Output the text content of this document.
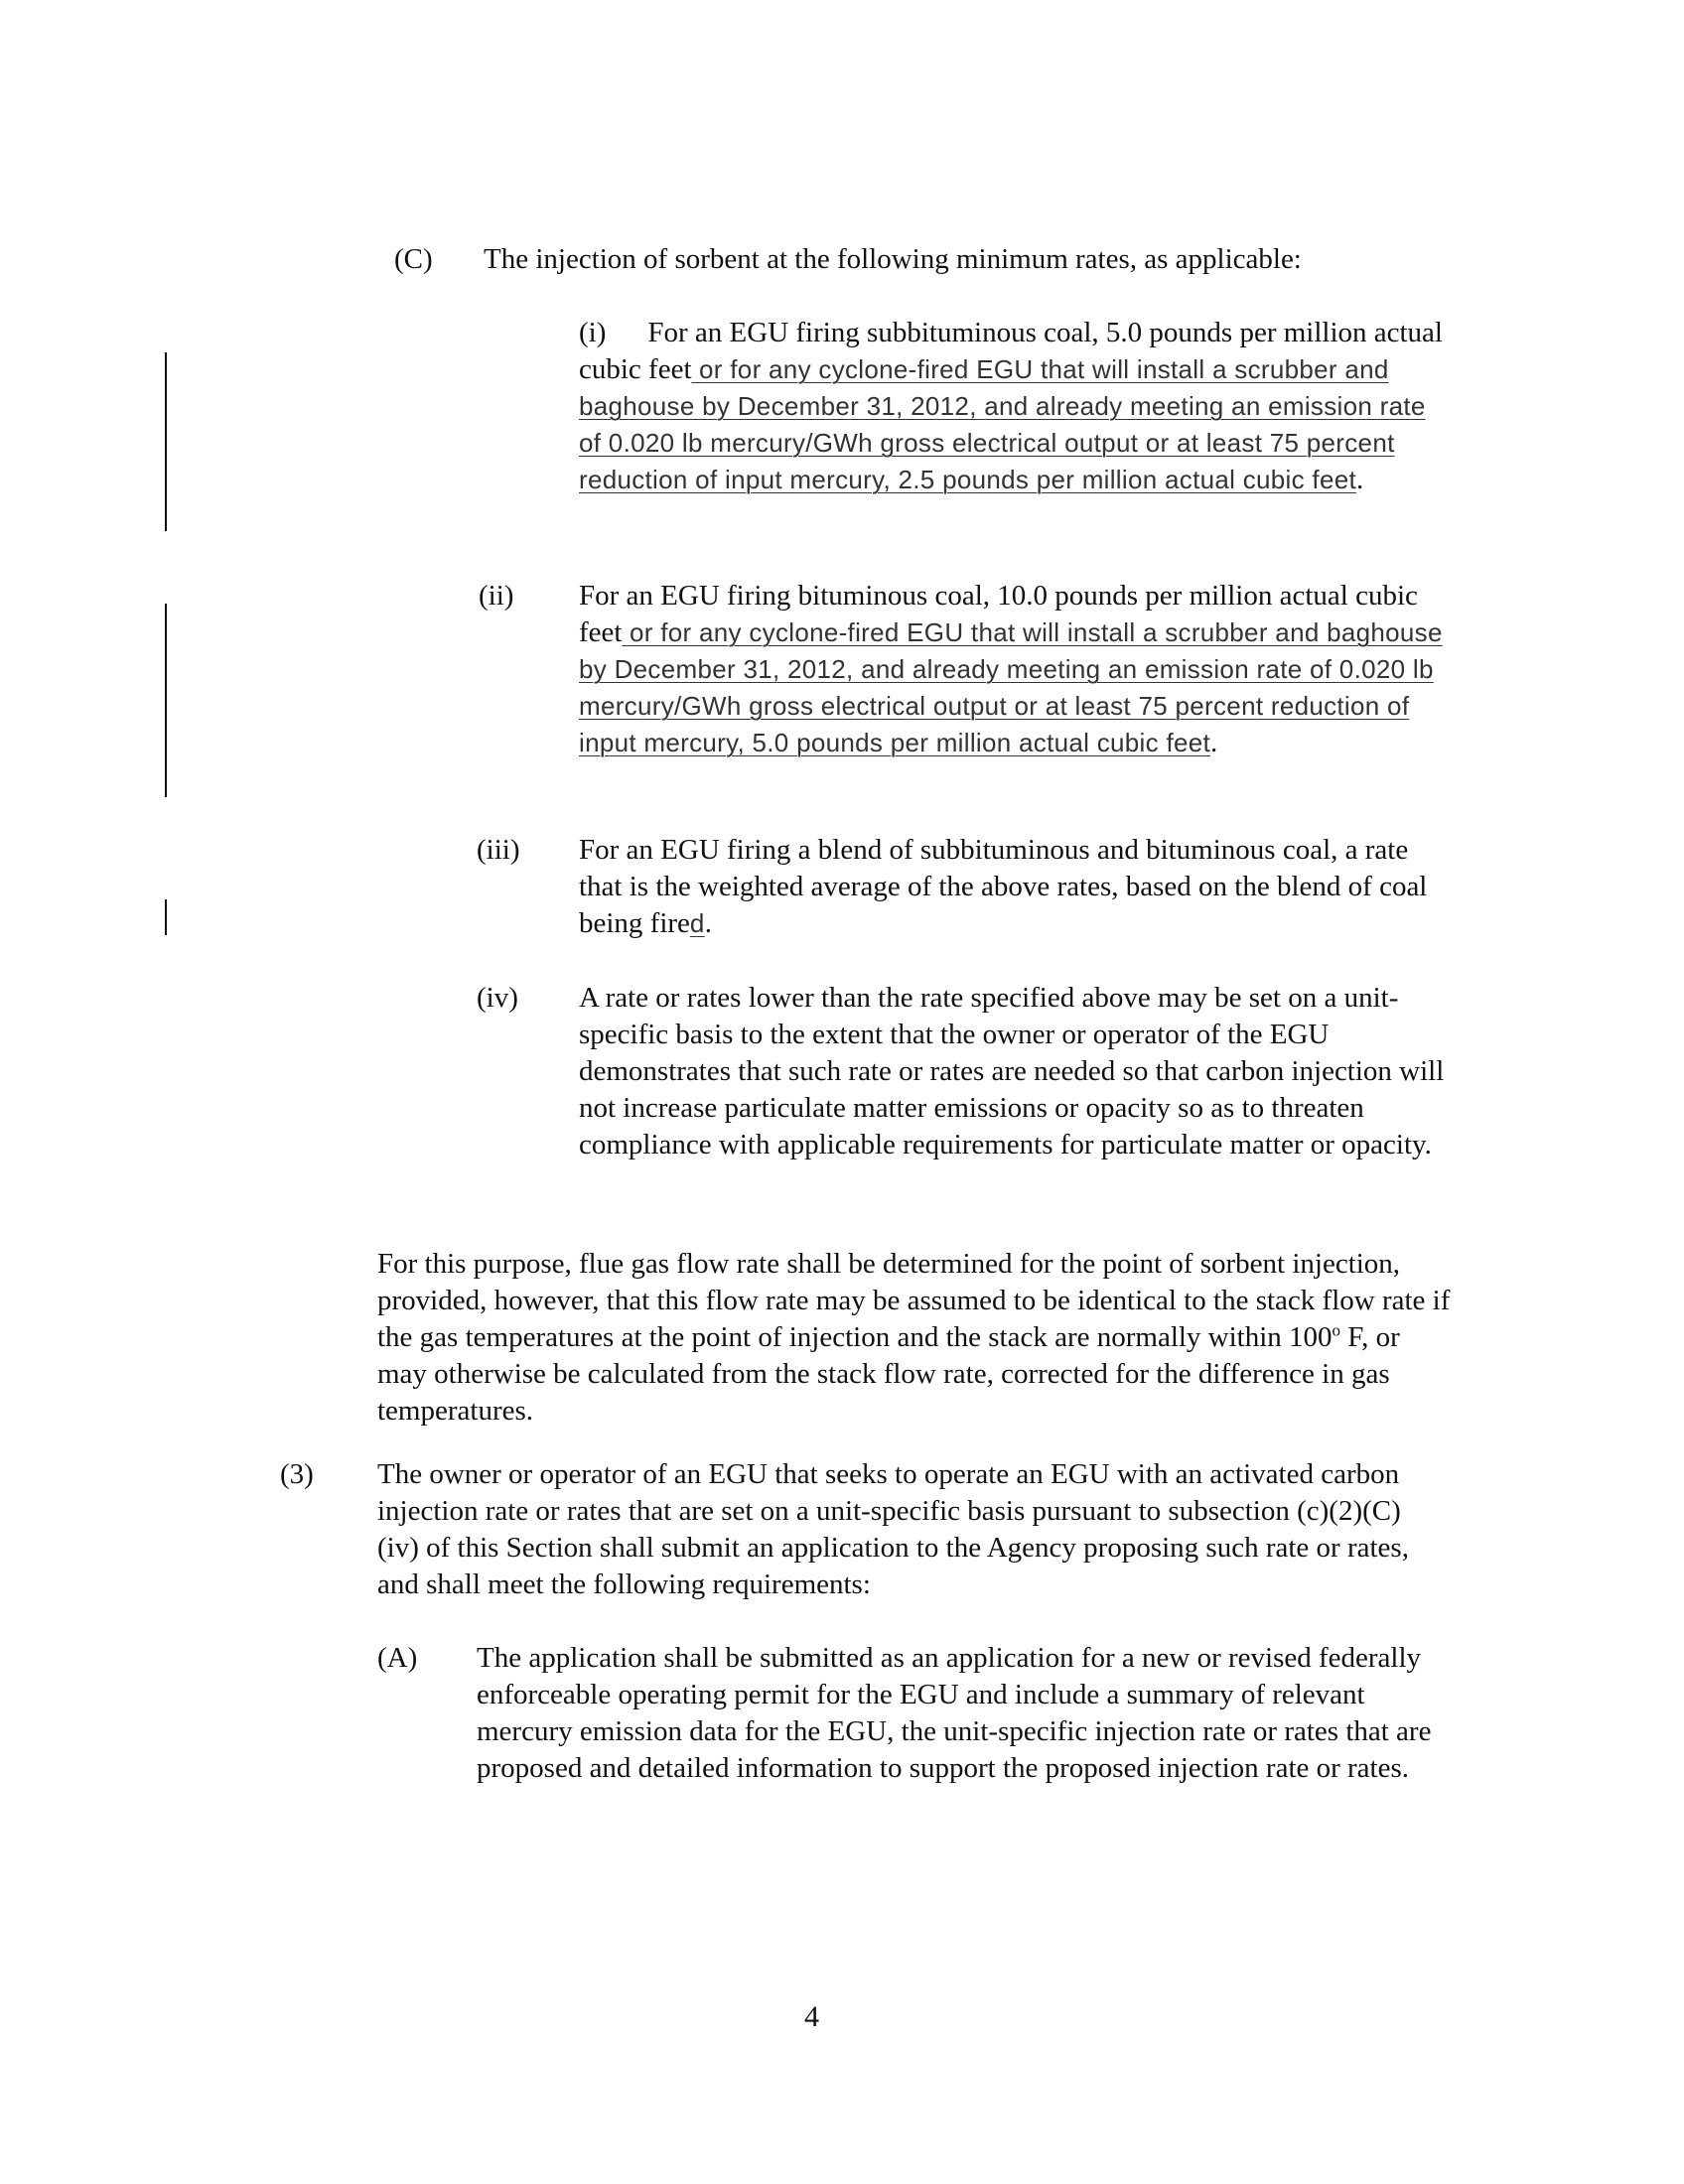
(C) The injection of sorbent at the following minimum rates, as applicable:
(i) For an EGU firing subbituminous coal, 5.0 pounds per million actual cubic feet or for any cyclone-fired EGU that will install a scrubber and baghouse by December 31, 2012, and already meeting an emission rate of 0.020 lb mercury/GWh gross electrical output or at least 75 percent reduction of input mercury, 2.5 pounds per million actual cubic feet.
(ii) For an EGU firing bituminous coal, 10.0 pounds per million actual cubic feet or for any cyclone-fired EGU that will install a scrubber and baghouse by December 31, 2012, and already meeting an emission rate of 0.020 lb mercury/GWh gross electrical output or at least 75 percent reduction of input mercury, 5.0 pounds per million actual cubic feet.
(iii) For an EGU firing a blend of subbituminous and bituminous coal, a rate that is the weighted average of the above rates, based on the blend of coal being fired.
(iv) A rate or rates lower than the rate specified above may be set on a unit-specific basis to the extent that the owner or operator of the EGU demonstrates that such rate or rates are needed so that carbon injection will not increase particulate matter emissions or opacity so as to threaten compliance with applicable requirements for particulate matter or opacity.
For this purpose, flue gas flow rate shall be determined for the point of sorbent injection, provided, however, that this flow rate may be assumed to be identical to the stack flow rate if the gas temperatures at the point of injection and the stack are normally within 100$^o$ F, or may otherwise be calculated from the stack flow rate, corrected for the difference in gas temperatures.
(3) The owner or operator of an EGU that seeks to operate an EGU with an activated carbon injection rate or rates that are set on a unit-specific basis pursuant to subsection (c)(2)(C)(iv) of this Section shall submit an application to the Agency proposing such rate or rates, and shall meet the following requirements:
(A) The application shall be submitted as an application for a new or revised federally enforceable operating permit for the EGU and include a summary of relevant mercury emission data for the EGU, the unit-specific injection rate or rates that are proposed and detailed information to support the proposed injection rate or rates.
4
